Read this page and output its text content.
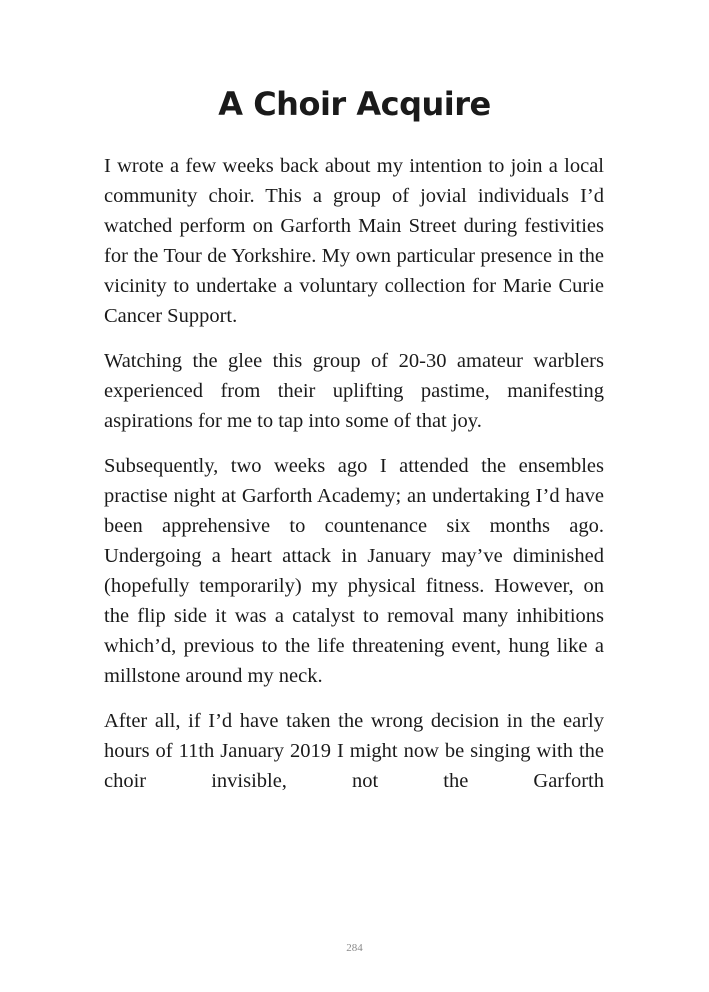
A Choir Acquire

I wrote a few weeks back about my intention to join a local community choir. This a group of jovial individuals I’d watched perform on Garforth Main Street during festivities for the Tour de Yorkshire. My own particular presence in the vicinity to undertake a voluntary collection for Marie Curie Cancer Support.

Watching the glee this group of 20-30 amateur warblers experienced from their uplifting pastime, manifesting aspirations for me to tap into some of that joy.

Subsequently, two weeks ago I attended the ensembles practise night at Garforth Academy; an undertaking I’d have been apprehensive to countenance six months ago. Undergoing a heart attack in January may’ve diminished (hopefully temporarily) my physical fitness. However, on the flip side it was a catalyst to removal many inhibitions which’d, previous to the life threatening event, hung like a millstone around my neck.

After all, if I’d have taken the wrong decision in the early hours of 11th January 2019 I might now be singing with the choir invisible, not the Garforth

284
